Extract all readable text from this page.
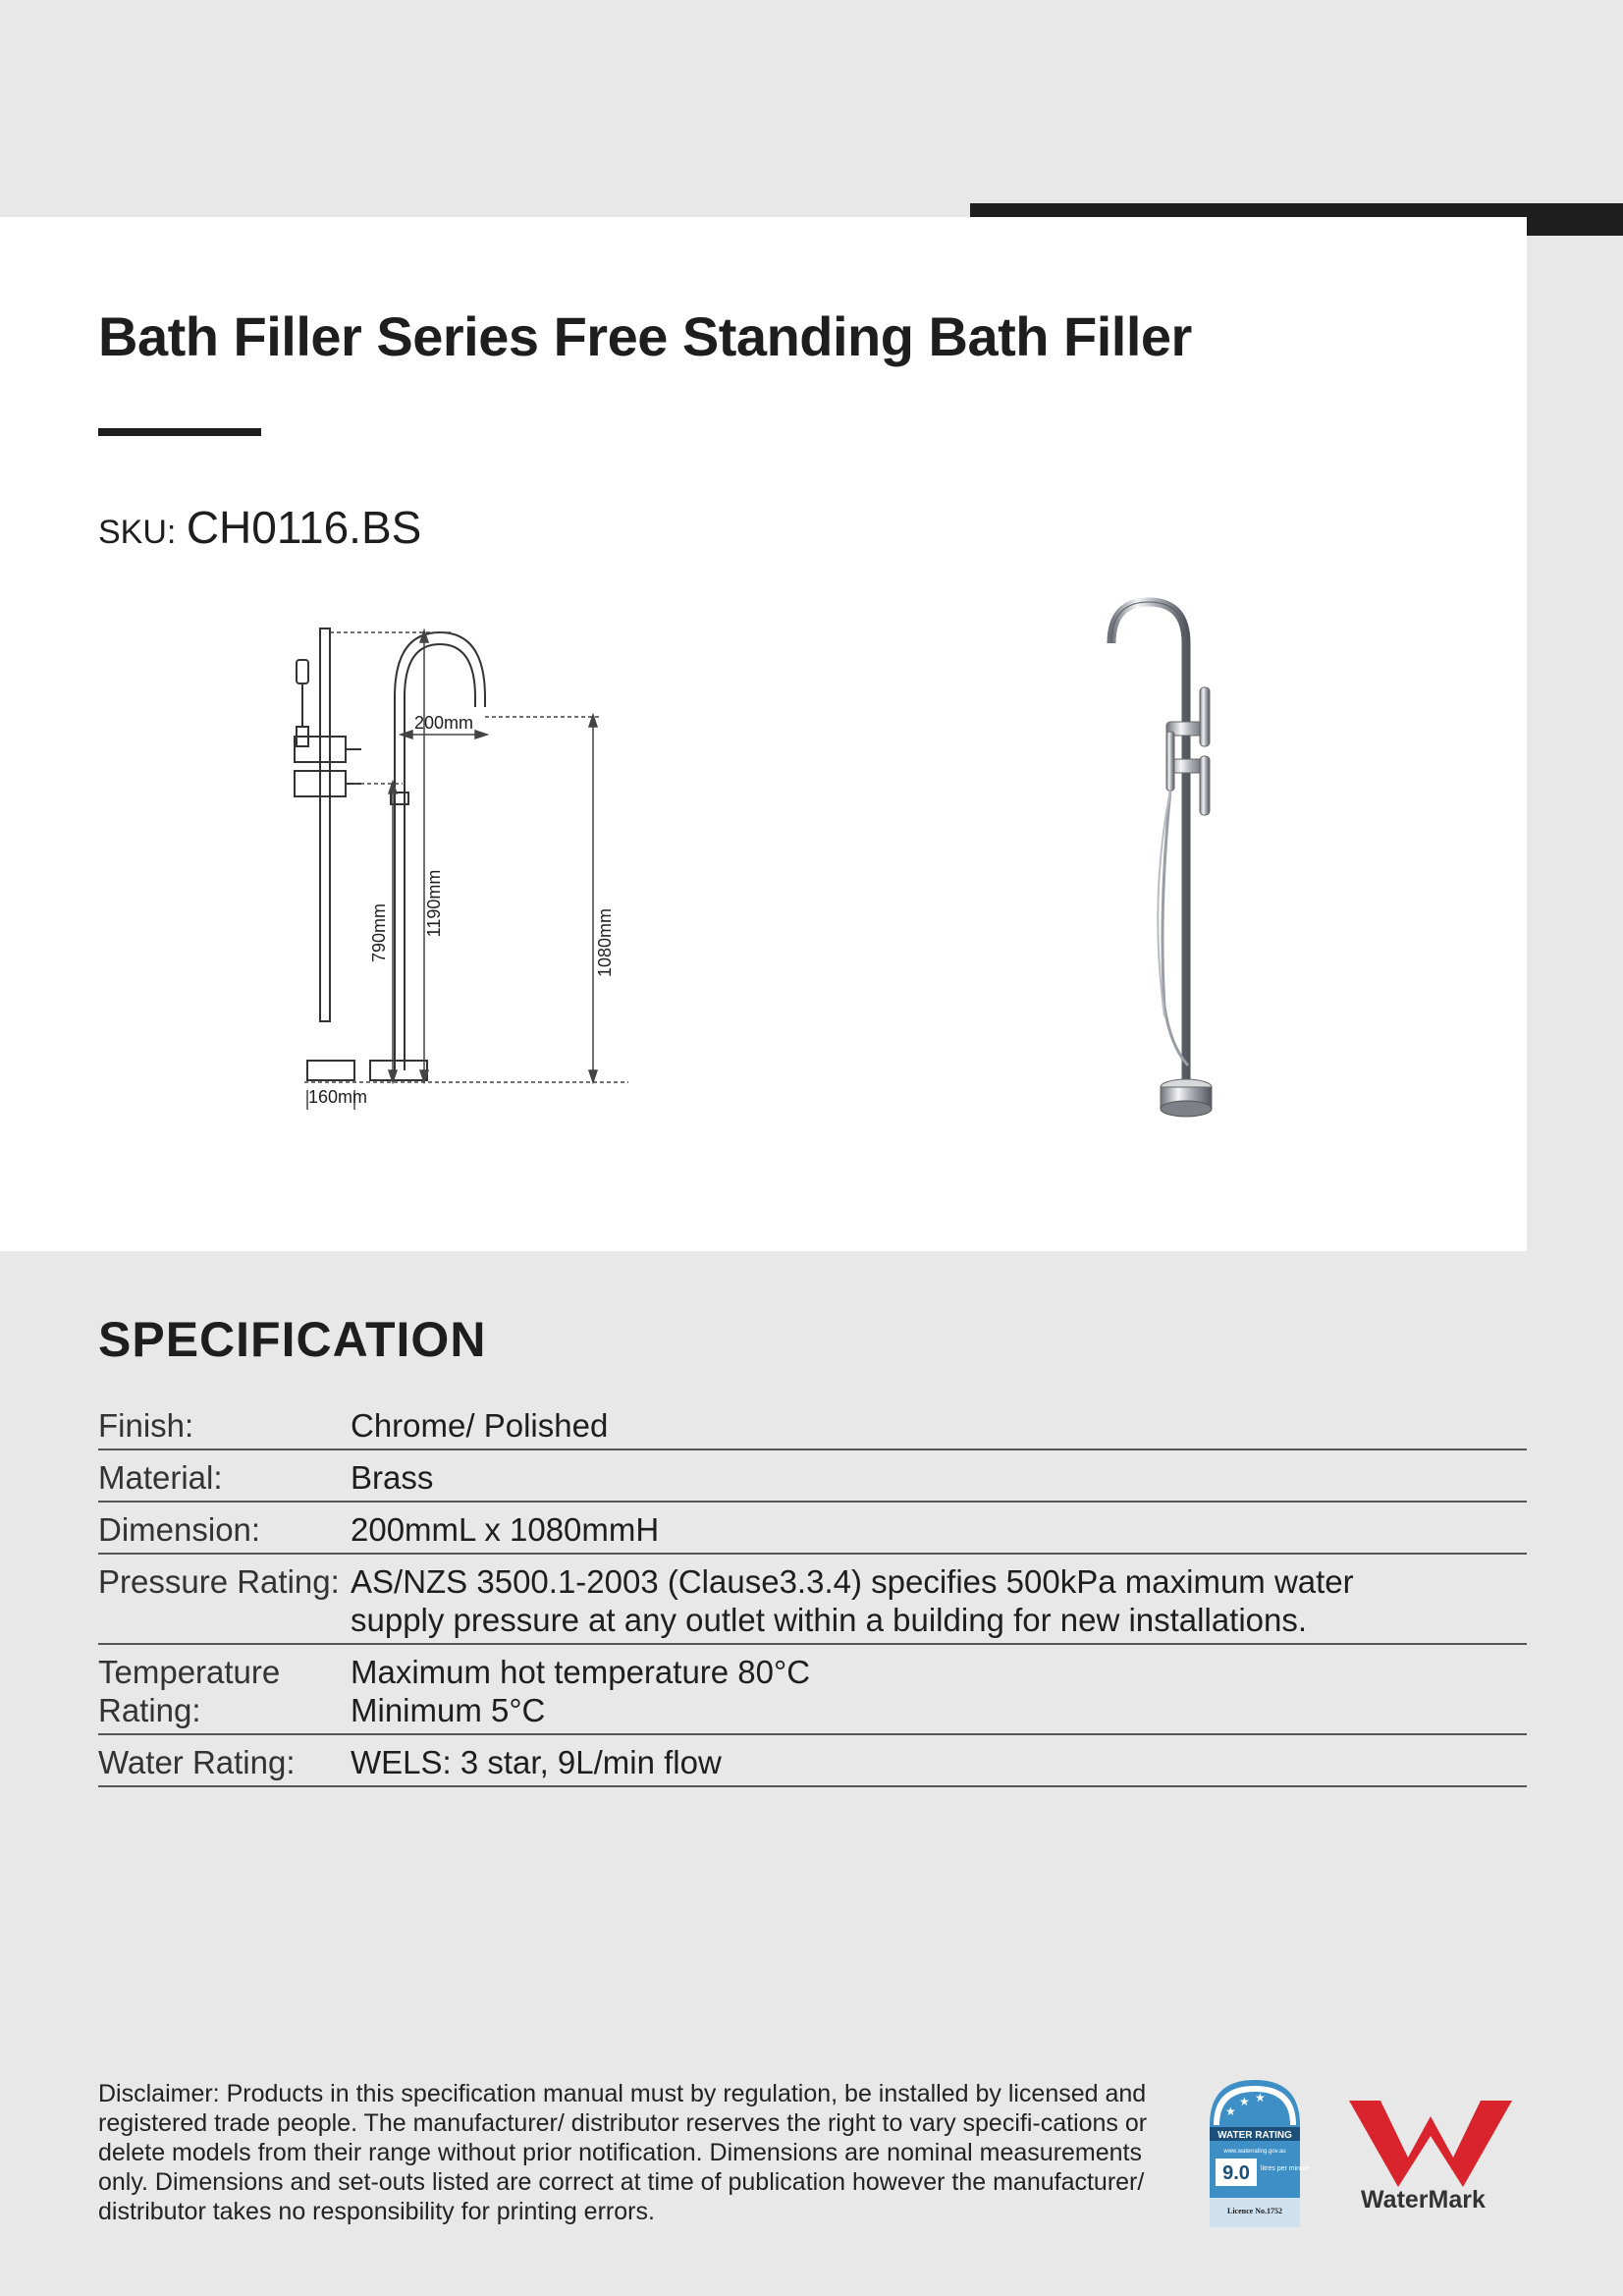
Bath Filler Series Free Standing Bath Filler
SKU: CH0116.BS
200mm
1190mm
1080mm
790mm
160mm
SPECIFICATION
Finish:	Chrome/ Polished
Material:	Brass
Dimension:	200mmL x 1080mmH
Pressure Rating: AS/NZS 3500.1-2003 (Clause3.3.4) specifies 500kPa maximum water
supply pressure at any outlet within a building for new installations.
Temperature Rating:
Maximum hot temperature 80°C
Minimum 5°C
Water Rating:	WELS: 3 star, 9L/min flow

Disclaimer: Products in this specification manual must by regulation, be installed by licensed and registered trade people. The manufacturer/ distributor reserves the right to vary specifi-cations or delete models from their range without prior notification. Dimensions are nominal measurements only. Dimensions and set-outs listed are correct at time of publication however the manufacturer/ distributor takes no responsibility for printing errors.

★
★ ★
WATER RATING
www.waterrating.gov.au
9.0 litres per minute
Licence No.1752	WaterMark
